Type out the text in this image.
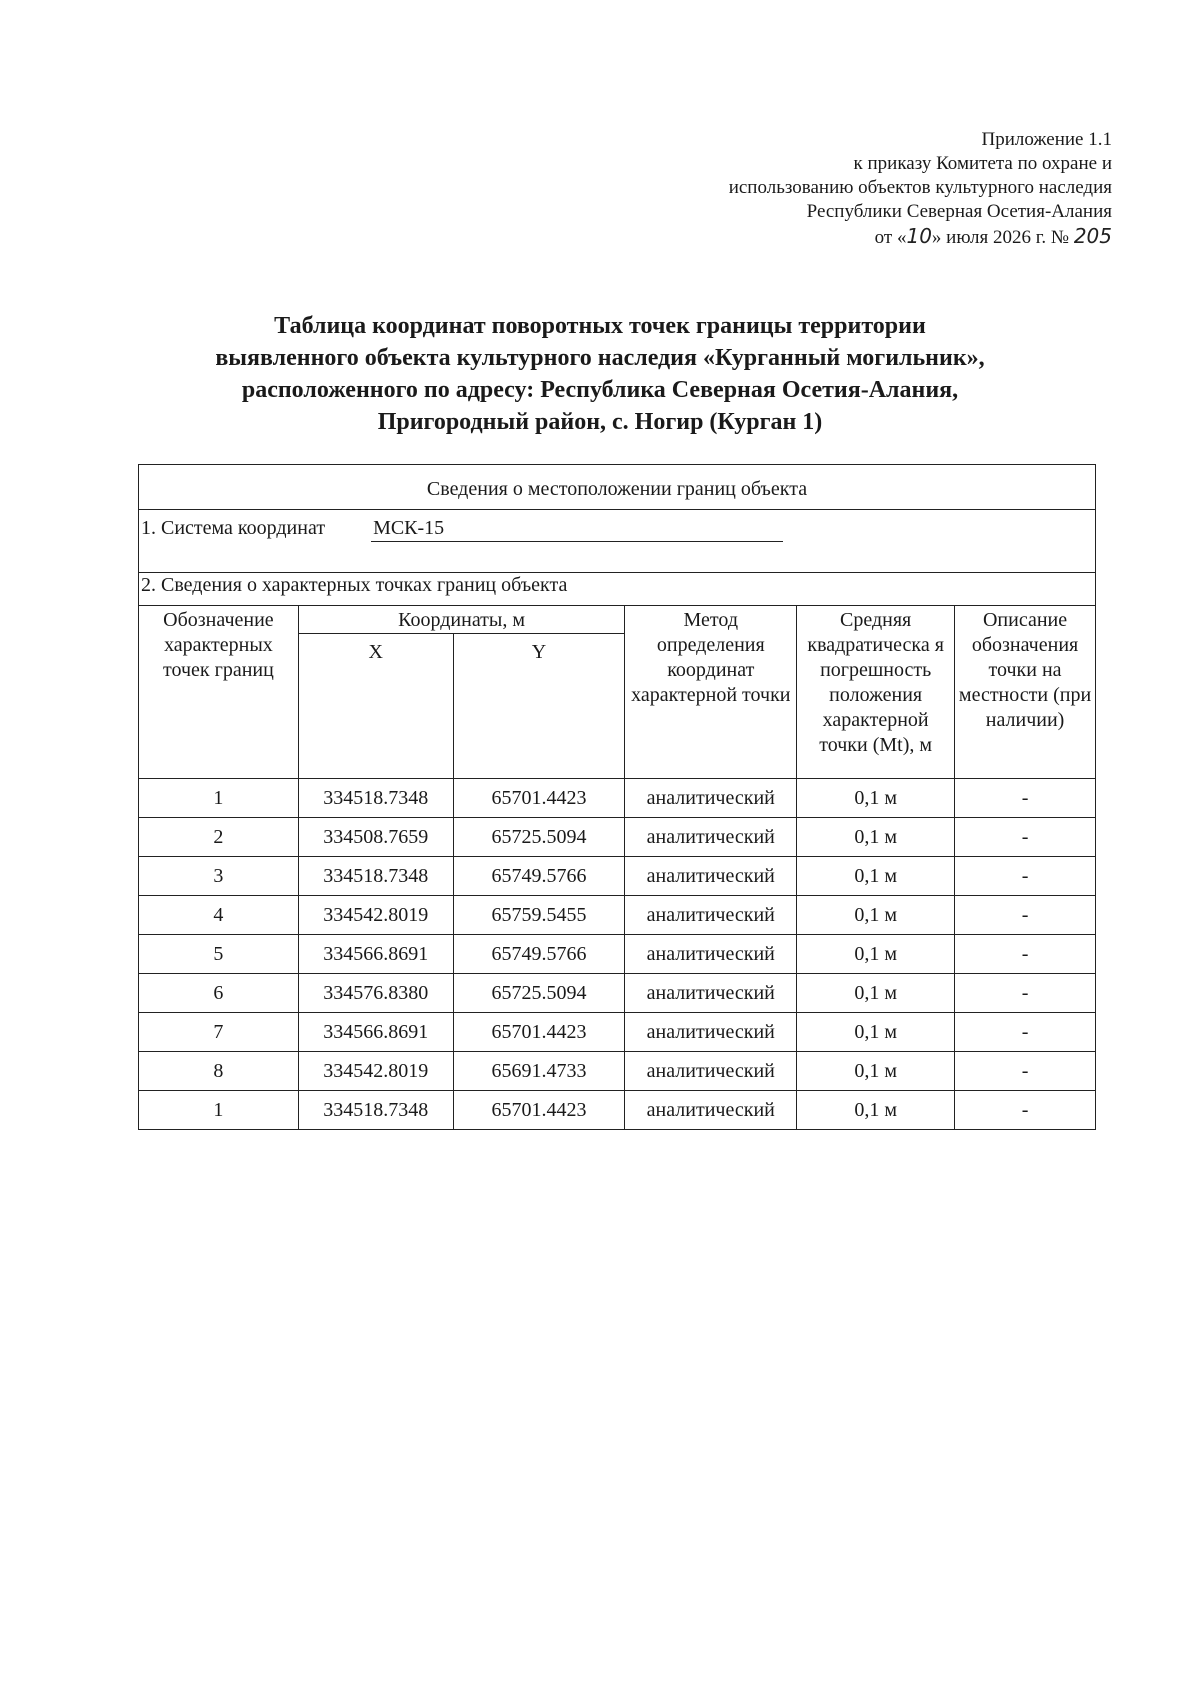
Приложение 1.1
к приказу Комитета по охране и
использованию объектов культурного наследия
Республики Северная Осетия-Алания
от «10» июля 2026 г. № 205
Таблица координат поворотных точек границы территории
выявленного объекта культурного наследия «Курганный могильник»,
расположенного по адресу: Республика Северная Осетия-Алания,
Пригородный район, с. Ногир (Курган 1)
Сведения о местоположении границ объекта					
1. Система координат МСК-15					
2. Сведения о характерных точках границ объекта					
Обозначение характерных точек границ	Координаты, м		Метод определения координат характерной точки	Средняя квадратическа я погрешность положения характерной точки (Mt), м	Описание обозначения точки на местности (при наличии)
	X	Y			
1	334518.7348	65701.4423	аналитический	0,1 м	-
2	334508.7659	65725.5094	аналитический	0,1 м	-
3	334518.7348	65749.5766	аналитический	0,1 м	-
4	334542.8019	65759.5455	аналитический	0,1 м	-
5	334566.8691	65749.5766	аналитический	0,1 м	-
6	334576.8380	65725.5094	аналитический	0,1 м	-
7	334566.8691	65701.4423	аналитический	0,1 м	-
8	334542.8019	65691.4733	аналитический	0,1 м	-
1	334518.7348	65701.4423	аналитический	0,1 м	-
